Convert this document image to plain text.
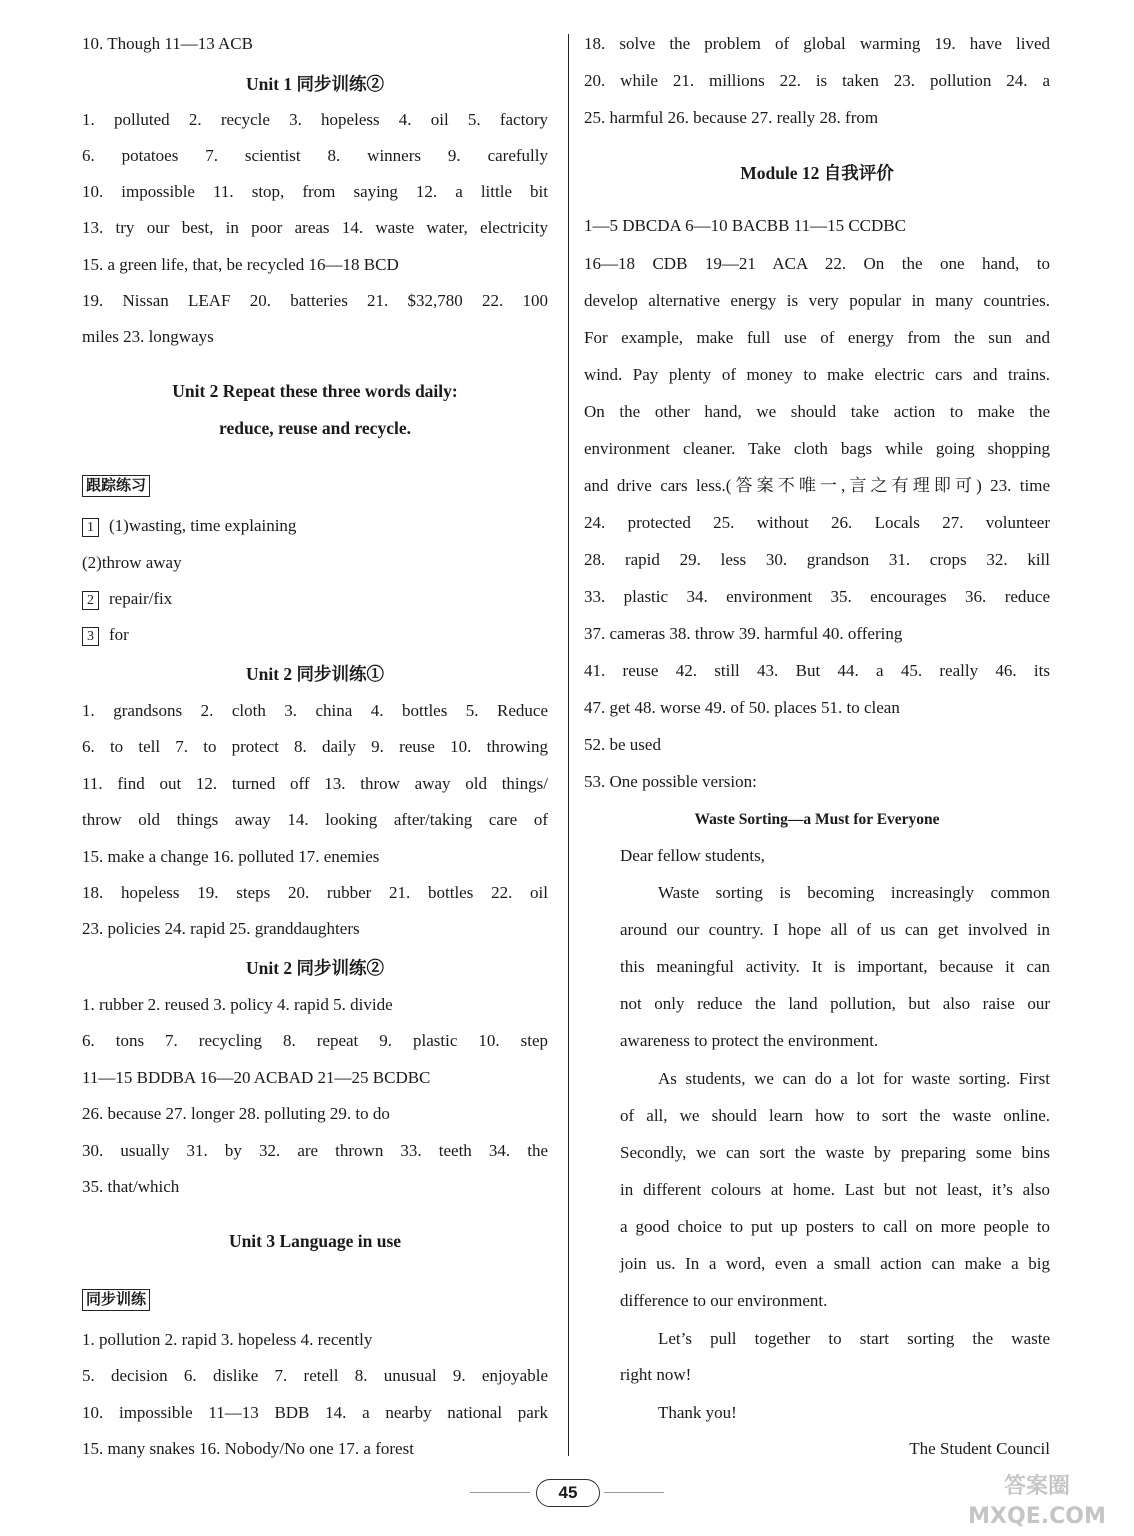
10. Though 11—13 ACB
Unit 1 同步训练②
1. polluted 2. recycle 3. hopeless 4. oil 5. factory
6. potatoes 7. scientist 8. winners 9. carefully
10. impossible 11. stop, from saying 12. a little bit
13. try our best, in poor areas 14. waste water, electricity
15. a green life, that, be recycled 16—18 BCD
19. Nissan LEAF 20. batteries 21. $32,780 22. 100
miles 23. longways
Unit 2 Repeat these three words daily:
reduce, reuse and recycle.
跟踪练习
1 (1)wasting, time explaining
(2)throw away
2 repair/fix
3 for
Unit 2 同步训练①
1. grandsons 2. cloth 3. china 4. bottles 5. Reduce
6. to tell 7. to protect 8. daily 9. reuse 10. throwing
11. find out 12. turned off 13. throw away old things/
throw old things away 14. looking after/taking care of
15. make a change 16. polluted 17. enemies
18. hopeless 19. steps 20. rubber 21. bottles 22. oil
23. policies 24. rapid 25. granddaughters
Unit 2 同步训练②
1. rubber 2. reused 3. policy 4. rapid 5. divide
6. tons 7. recycling 8. repeat 9. plastic 10. step
11—15 BDDBA 16—20 ACBAD 21—25 BCDBC
26. because 27. longer 28. polluting 29. to do
30. usually 31. by 32. are thrown 33. teeth 34. the
35. that/which
Unit 3 Language in use
同步训练
1. pollution 2. rapid 3. hopeless 4. recently
5. decision 6. dislike 7. retell 8. unusual 9. enjoyable
10. impossible 11—13 BDB 14. a nearby national park
15. many snakes 16. Nobody/No one 17. a forest
18. solve the problem of global warming 19. have lived
20. while 21. millions 22. is taken 23. pollution 24. a
25. harmful 26. because 27. really 28. from
Module 12 自我评价
1—5 DBCDA 6—10 BACBB 11—15 CCDBC
16—18 CDB 19—21 ACA 22. On the one hand, to
develop alternative energy is very popular in many countries.
For example, make full use of energy from the sun and
wind. Pay plenty of money to make electric cars and trains.
On the other hand, we should take action to make the
environment cleaner. Take cloth bags while going shopping
and drive cars less.(答案不唯一,言之有理即可) 23. time
24. protected 25. without 26. Locals 27. volunteer
28. rapid 29. less 30. grandson 31. crops 32. kill
33. plastic 34. environment 35. encourages 36. reduce
37. cameras 38. throw 39. harmful 40. offering
41. reuse 42. still 43. But 44. a 45. really 46. its
47. get 48. worse 49. of 50. places 51. to clean
52. be used
53. One possible version:
Waste Sorting—a Must for Everyone
Dear fellow students,
Waste sorting is becoming increasingly common
around our country. I hope all of us can get involved in
this meaningful activity. It is important, because it can
not only reduce the land pollution, but also raise our
awareness to protect the environment.
As students, we can do a lot for waste sorting. First
of all, we should learn how to sort the waste online.
Secondly, we can sort the waste by preparing some bins
in different colours at home. Last but not least, it’s also
a good choice to put up posters to call on more people to
join us. In a word, even a small action can make a big
difference to our environment.
Let’s pull together to start sorting the waste
right now!
Thank you!
The Student Council
45	答案圈 MXQE.COM
